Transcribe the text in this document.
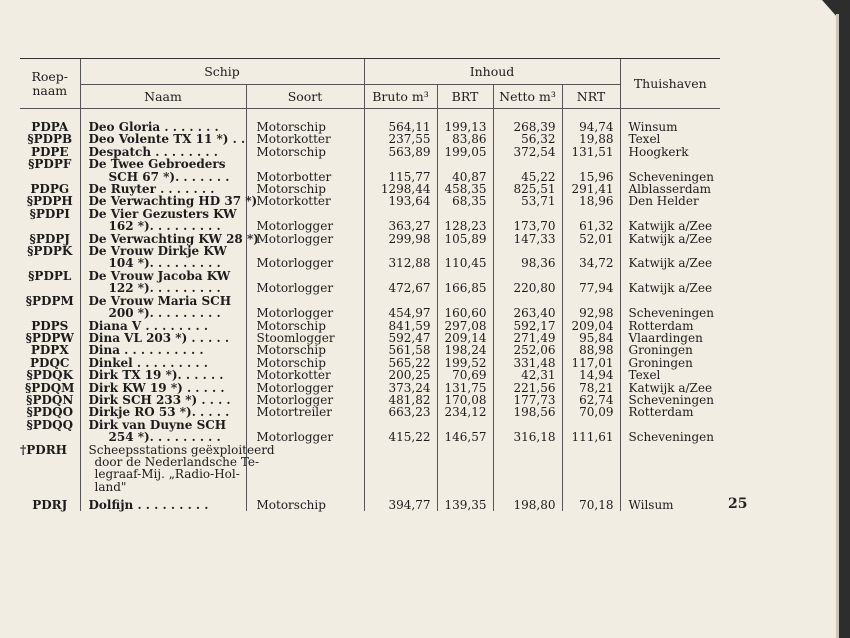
Roep-
naam	Schip		Inhoud				Thuishaven
	Naam	Soort	Bruto m³	BRT	Netto m³	NRT	

PDPA	Deo Gloria . . . . . . .	Motorschip	564,11	199,13	268,39	94,74	Winsum
§PDPB	Deo Volente TX 11 *) . .	Motorkotter	237,55	83,86	56,32	19,88	Texel
PDPE	Despatch . . . . . . . .	Motorschip	563,89	199,05	372,54	131,51	Hoogkerk
§PDPF	De Twee Gebroeders						
	SCH 67 *). . . . . . .	Motorbotter	115,77	40,87	45,22	15,96	Scheveningen
PDPG	De Ruyter . . . . . . .	Motorschip	1298,44	458,35	825,51	291,41	Alblasserdam
§PDPH	De Verwachting HD 37 *)	Motorkotter	193,64	68,35	53,71	18,96	Den Helder
§PDPI	De Vier Gezusters KW						
	162 *). . . . . . . . .	Motorlogger	363,27	128,23	173,70	61,32	Katwijk a/Zee
§PDPJ	De Verwachting KW 28 *)	Motorlogger	299,98	105,89	147,33	52,01	Katwijk a/Zee
§PDPK	De Vrouw Dirkje KW						
	104 *). . . . . . . . .	Motorlogger	312,88	110,45	98,36	34,72	Katwijk a/Zee
§PDPL	De Vrouw Jacoba KW						
	122 *). . . . . . . . .	Motorlogger	472,67	166,85	220,80	77,94	Katwijk a/Zee
§PDPM	De Vrouw Maria SCH						
	200 *). . . . . . . . .	Motorlogger	454,97	160,60	263,40	92,98	Scheveningen
PDPS	Diana V . . . . . . . .	Motorschip	841,59	297,08	592,17	209,04	Rotterdam
§PDPW	Dina VL 203 *) . . . . .	Stoomlogger	592,47	209,14	271,49	95,84	Vlaardingen
PDPX	Dina . . . . . . . . . .	Motorschip	561,58	198,24	252,06	88,98	Groningen
PDQC	Dinkel . . . . . . . . .	Motorschip	565,22	199,52	331,48	117,01	Groningen
§PDQK	Dirk TX 19 *). . . . . .	Motorkotter	200,25	70,69	42,31	14,94	Texel
§PDQM	Dirk KW 19 *) . . . . .	Motorlogger	373,24	131,75	221,56	78,21	Katwijk a/Zee
§PDQN	Dirk SCH 233 *) . . . .	Motorlogger	481,82	170,08	177,73	62,74	Scheveningen
§PDQO	Dirkje RO 53 *). . . . .	Motortreiler	663,23	234,12	198,56	70,09	Rotterdam
§PDQQ	Dirk van Duyne SCH						
	254 *). . . . . . . . .	Motorlogger	415,22	146,57	316,18	111,61	Scheveningen
†PDRH	Scheepsstations geëxploiteerd						
	door de Nederlandsche Te-						
	legraaf-Mij. „Radio-Hol-						
	land"						
PDRJ	Dolfijn . . . . . . . . .	Motorschip	394,77	139,35	198,80	70,18	Wilsum	25
